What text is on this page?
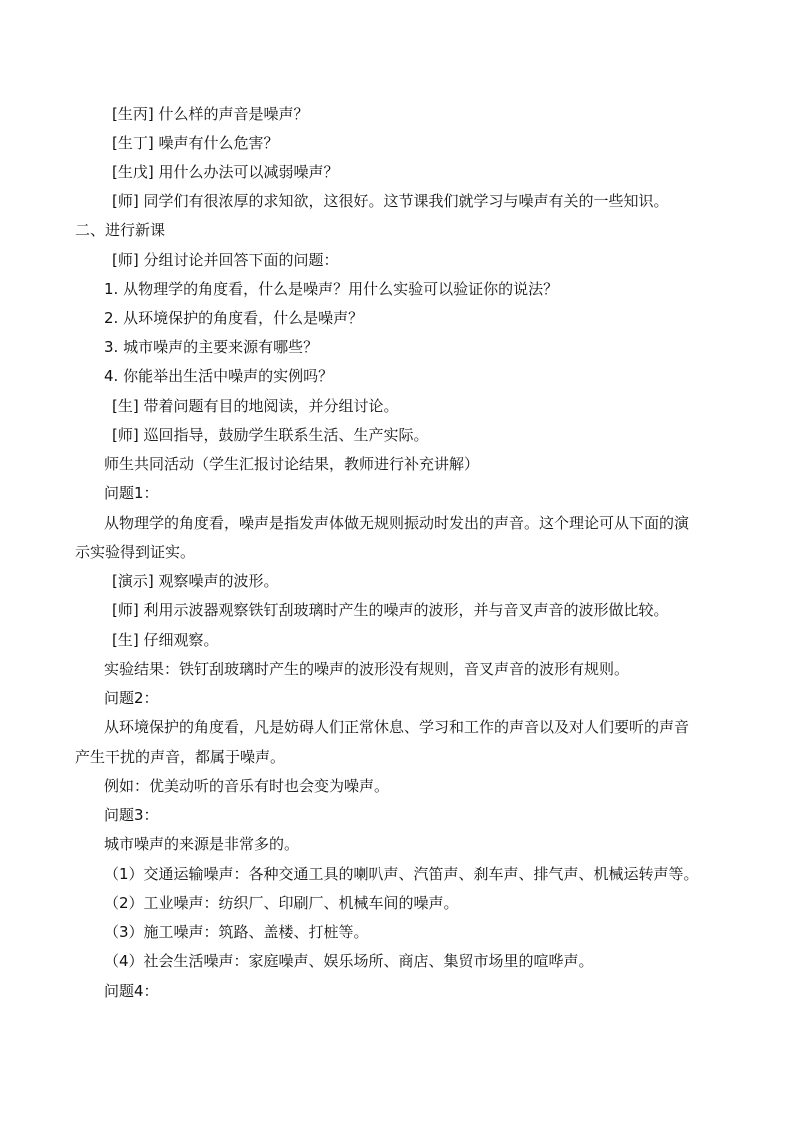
[生丙] 什么样的声音是噪声？
[生丁] 噪声有什么危害？
[生戊] 用什么办法可以减弱噪声？
[师] 同学们有很浓厚的求知欲，这很好。这节课我们就学习与噪声有关的一些知识。
二、进行新课
[师] 分组讨论并回答下面的问题：
1. 从物理学的角度看，什么是噪声？用什么实验可以验证你的说法？
2. 从环境保护的角度看，什么是噪声？
3. 城市噪声的主要来源有哪些？
4. 你能举出生活中噪声的实例吗？
[生] 带着问题有目的地阅读，并分组讨论。
[师] 巡回指导，鼓励学生联系生活、生产实际。
师生共同活动（学生汇报讨论结果，教师进行补充讲解）
问题1：
从物理学的角度看，噪声是指发声体做无规则振动时发出的声音。这个理论可从下面的演
示实验得到证实。
[演示] 观察噪声的波形。
[师] 利用示波器观察铁钉刮玻璃时产生的噪声的波形，并与音叉声音的波形做比较。
[生] 仔细观察。
实验结果：铁钉刮玻璃时产生的噪声的波形没有规则，音叉声音的波形有规则。
问题2：
从环境保护的角度看，凡是妨碍人们正常休息、学习和工作的声音以及对人们要听的声音
产生干扰的声音，都属于噪声。
例如：优美动听的音乐有时也会变为噪声。
问题3：
城市噪声的来源是非常多的。
（1）交通运输噪声：各种交通工具的喇叭声、汽笛声、刹车声、排气声、机械运转声等。
（2）工业噪声：纺织厂、印刷厂、机械车间的噪声。
（3）施工噪声：筑路、盖楼、打桩等。
（4）社会生活噪声：家庭噪声、娱乐场所、商店、集贸市场里的喧哗声。
问题4：
